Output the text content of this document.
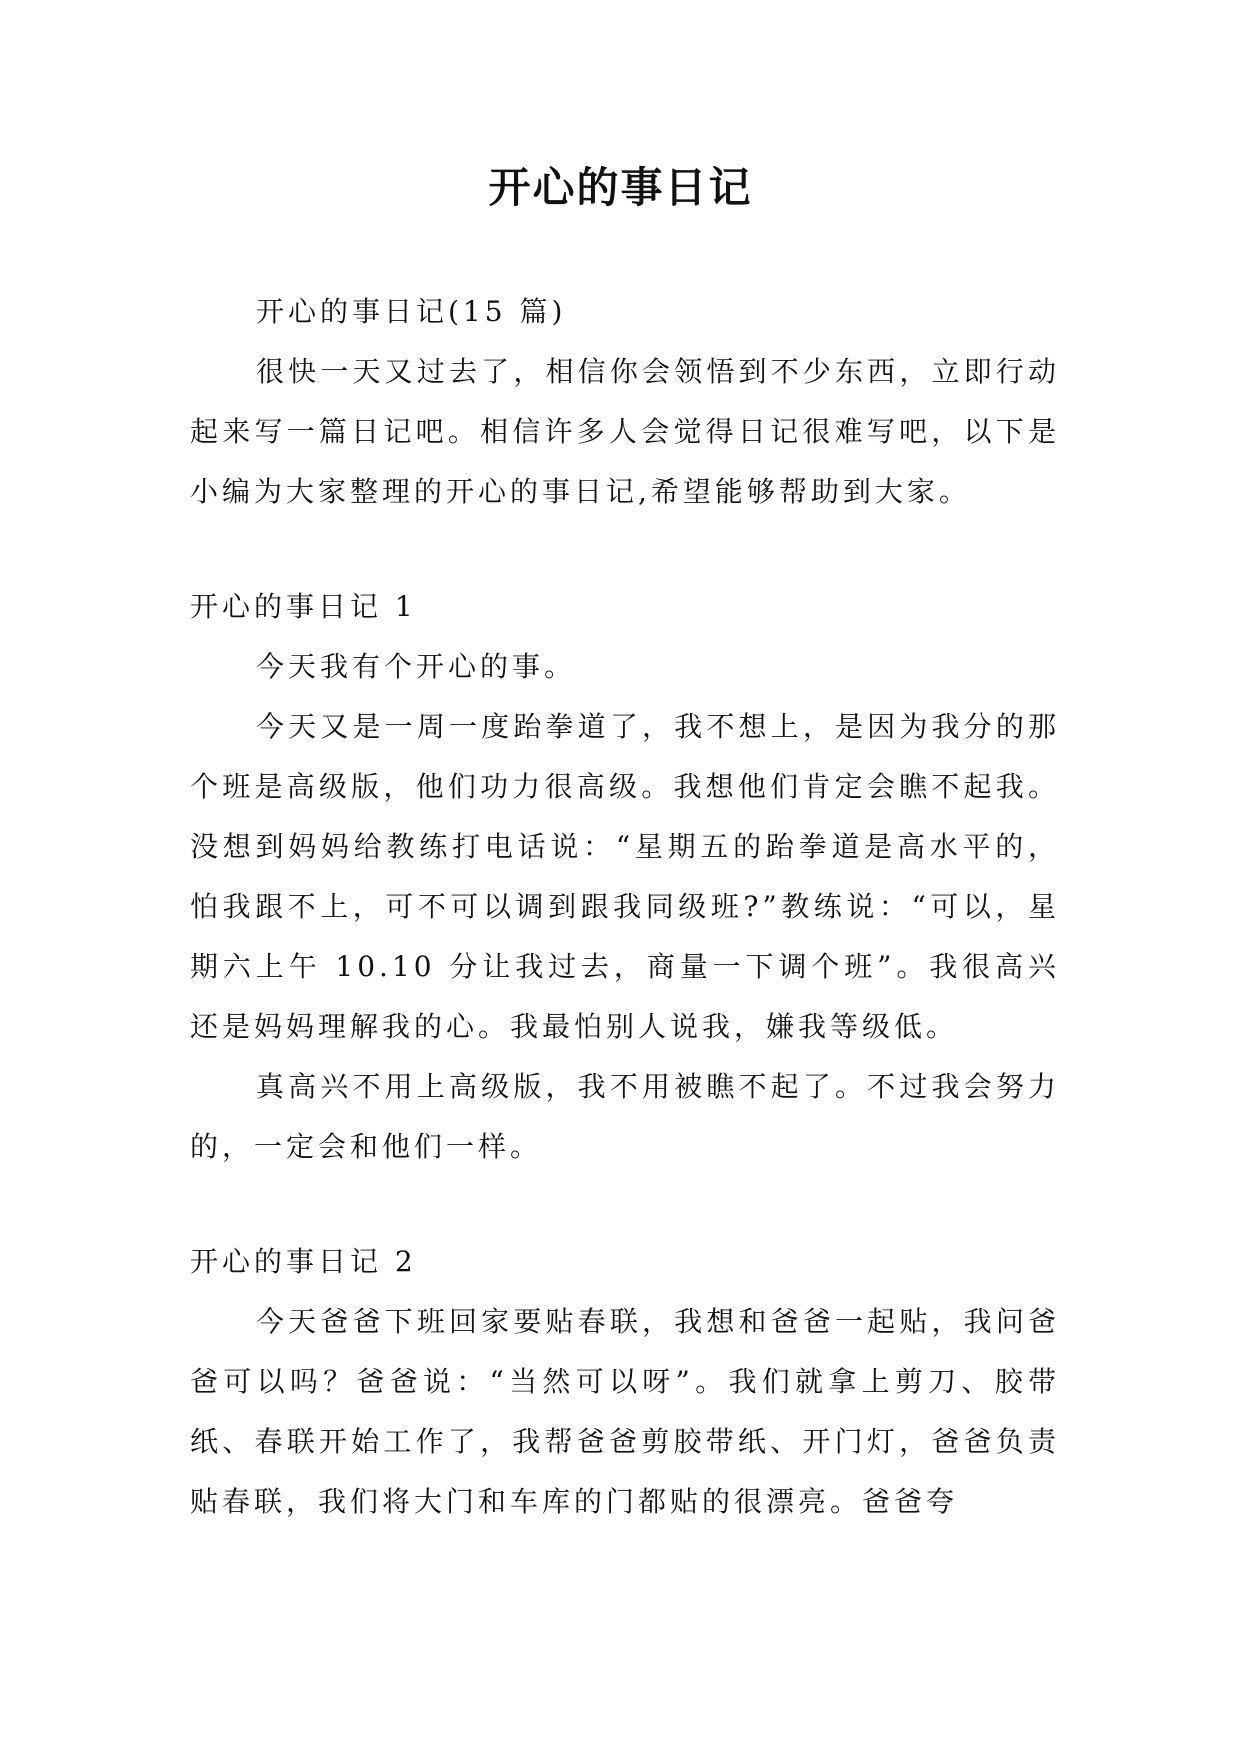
开心的事日记

开心的事日记(15 篇)

很快一天又过去了，相信你会领悟到不少东西，立即行动起来写一篇日记吧。相信许多人会觉得日记很难写吧，以下是小编为大家整理的开心的事日记,希望能够帮助到大家。

开心的事日记 1

今天我有个开心的事。

今天又是一周一度跆拳道了，我不想上，是因为我分的那个班是高级版，他们功力很高级。我想他们肯定会瞧不起我。没想到妈妈给教练打电话说：“星期五的跆拳道是高水平的，怕我跟不上，可不可以调到跟我同级班?”教练说：“可以，星期六上午 10.10 分让我过去，商量一下调个班”。我很高兴还是妈妈理解我的心。我最怕别人说我，嫌我等级低。

真高兴不用上高级版，我不用被瞧不起了。不过我会努力的，一定会和他们一样。

开心的事日记 2

今天爸爸下班回家要贴春联，我想和爸爸一起贴，我问爸爸可以吗？爸爸说：“当然可以呀”。我们就拿上剪刀、胶带纸、春联开始工作了，我帮爸爸剪胶带纸、开门灯，爸爸负责贴春联，我们将大门和车库的门都贴的很漂亮。爸爸夸
